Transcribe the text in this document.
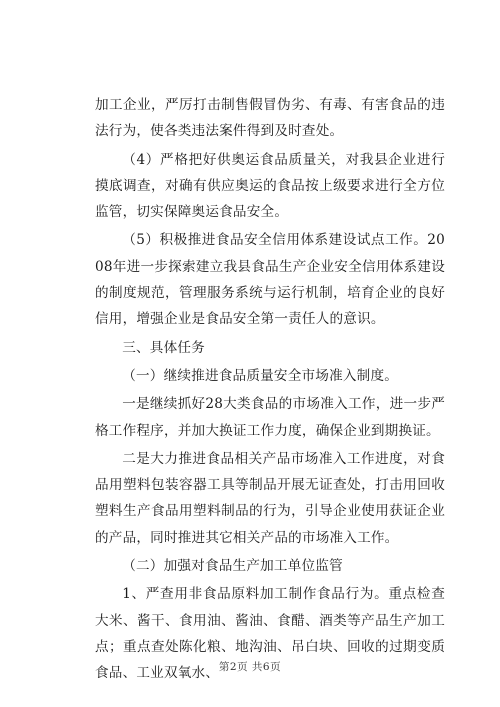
加工企业，严厉打击制售假冒伪劣、有毒、有害食品的违法行为，使各类违法案件得到及时查处。

（4）严格把好供奥运食品质量关，对我县企业进行摸底调查，对确有供应奥运的食品按上级要求进行全方位监管，切实保障奥运食品安全。

（5）积极推进食品安全信用体系建设试点工作。2008年进一步探索建立我县食品生产企业安全信用体系建设的制度规范，管理服务系统与运行机制，培育企业的良好信用，增强企业是食品安全第一责任人的意识。

三、具体任务

（一）继续推进食品质量安全市场准入制度。

一是继续抓好28大类食品的市场准入工作，进一步严格工作程序，并加大换证工作力度，确保企业到期换证。

二是大力推进食品相关产品市场准入工作进度，对食品用塑料包装容器工具等制品开展无证查处，打击用回收塑料生产食品用塑料制品的行为，引导企业使用获证企业的产品，同时推进其它相关产品的市场准入工作。

（二）加强对食品生产加工单位监管

1、严查用非食品原料加工制作食品行为。重点检查大米、酱干、食用油、酱油、食醋、酒类等产品生产加工点；重点查处陈化粮、地沟油、吊白块、回收的过期变质食品、工业双氧水、 第2页 共6页
